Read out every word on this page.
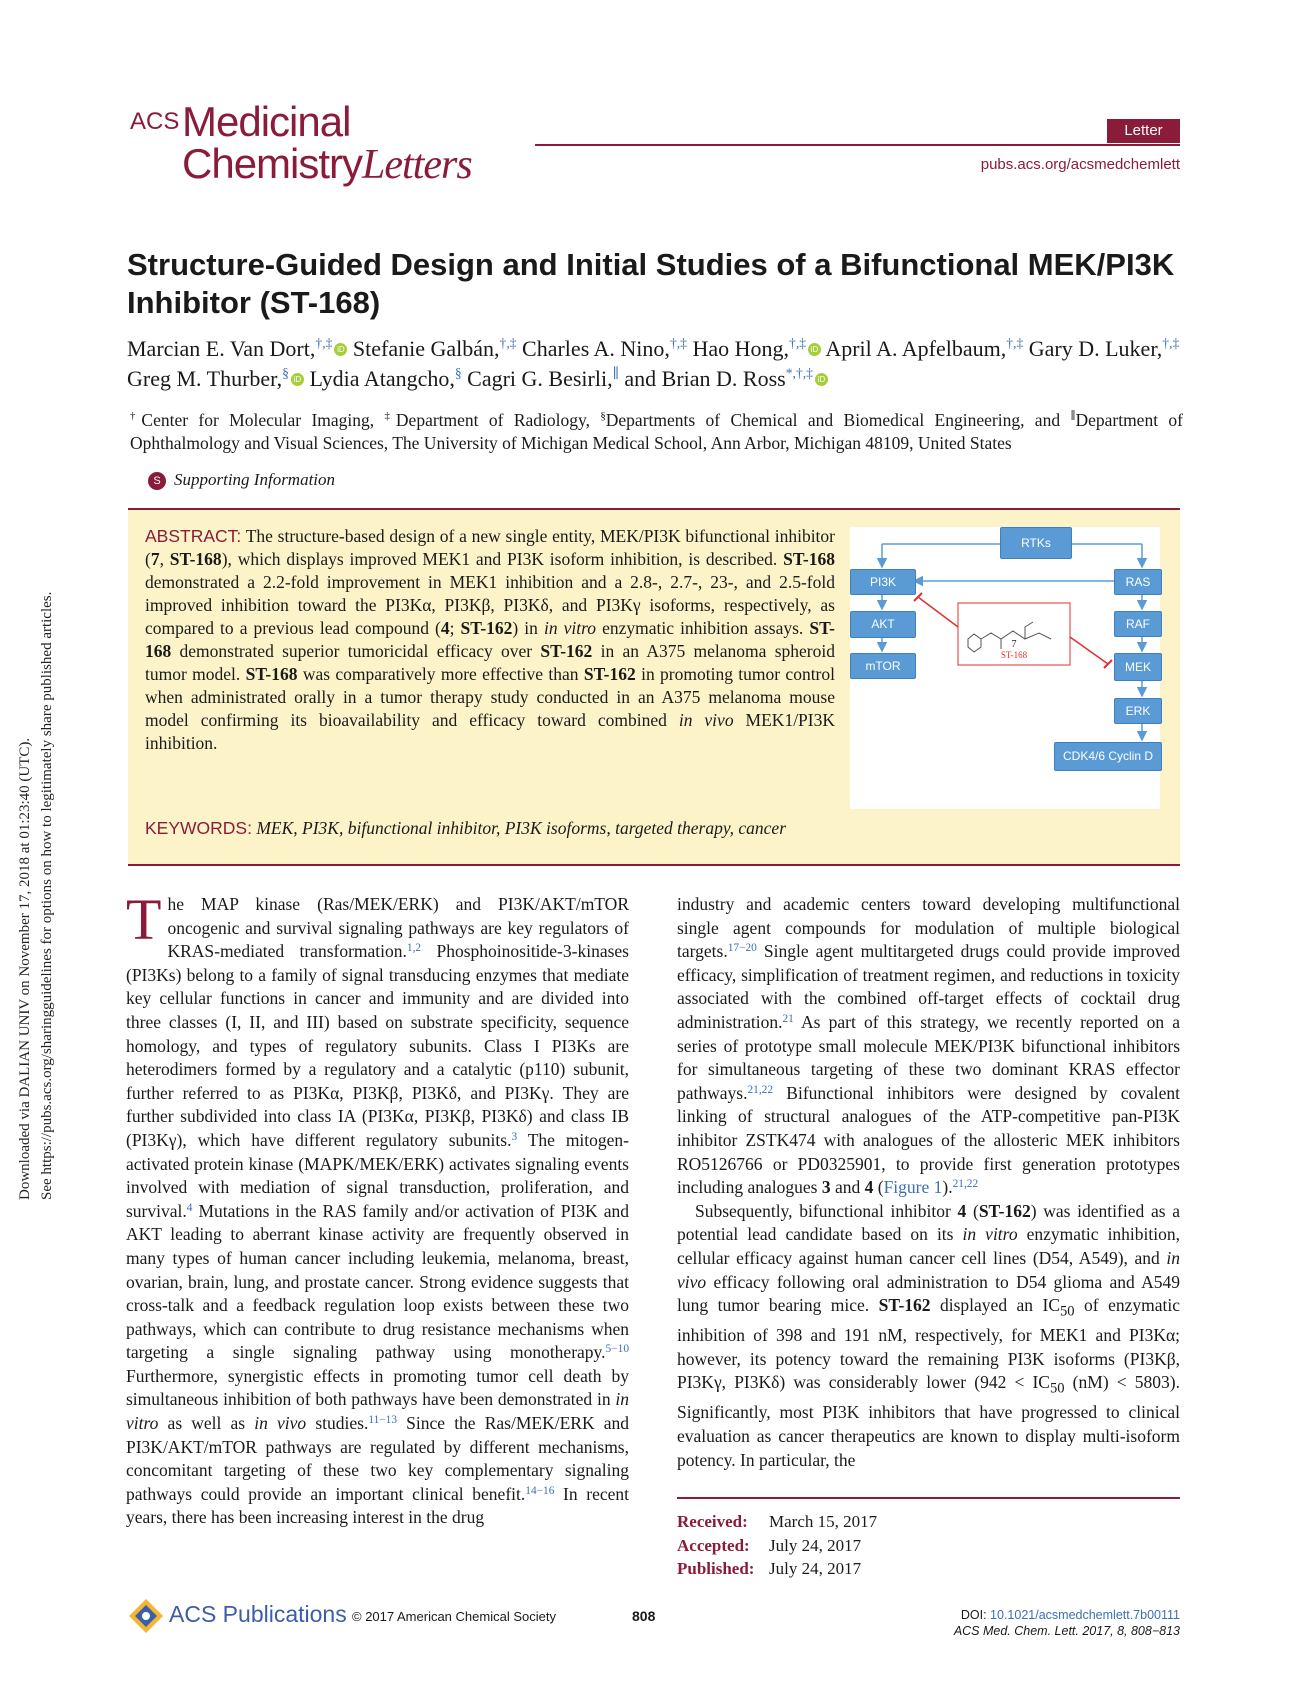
Downloaded via DALIAN UNIV on November 17, 2018 at 01:23:40 (UTC). See https://pubs.acs.org/sharingguidelines for options on how to legitimately share published articles.
ACS Medicinal
ChemistryLetters
Letter
pubs.acs.org/acsmedchemlett
Structure-Guided Design and Initial Studies of a Bifunctional MEK/PI3K Inhibitor (ST-168)
Marcian E. Van Dort,†,‡ iD Stefanie Galbán,†,‡ Charles A. Nino,†,‡ Hao Hong,†,‡ iD April A. Apfelbaum,†,‡ Gary D. Luker,†,‡ Greg M. Thurber,§ iD Lydia Atangcho,§ Cagri G. Besirli,∥ and Brian D. Ross*,†,‡ iD
†Center for Molecular Imaging, ‡Department of Radiology, §Departments of Chemical and Biomedical Engineering, and ∥Department of Ophthalmology and Visual Sciences, The University of Michigan Medical School, Ann Arbor, Michigan 48109, United States
S Supporting Information
ABSTRACT: The structure-based design of a new single entity, MEK/PI3K bifunctional inhibitor (7, ST-168), which displays improved MEK1 and PI3K isoform inhibition, is described. ST-168 demonstrated a 2.2-fold improvement in MEK1 inhibition and a 2.8-, 2.7-, 23-, and 2.5-fold improved inhibition toward the PI3Kα, PI3Kβ, PI3Kδ, and PI3Kγ isoforms, respectively, as compared to a previous lead compound (4; ST-162) in in vitro enzymatic inhibition assays. ST-168 demonstrated superior tumoricidal efficacy over ST-162 in an A375 melanoma spheroid tumor model. ST-168 was comparatively more effective than ST-162 in promoting tumor control when administrated orally in a tumor therapy study conducted in an A375 melanoma mouse model confirming its bioavailability and efficacy toward combined in vivo MEK1/PI3K inhibition.
KEYWORDS: MEK, PI3K, bifunctional inhibitor, PI3K isoforms, targeted therapy, cancer
7
ST-168
RTKs
PI3K
AKT
mTOR
RAS
RAF
MEK
ERK
CDK4/6 Cyclin D

The MAP kinase (Ras/MEK/ERK) and PI3K/AKT/mTOR oncogenic and survival signaling pathways are key regulators of KRAS-mediated transformation.$^{1,2}$ Phosphoinositide-3-kinases (PI3Ks) belong to a family of signal transducing enzymes that mediate key cellular functions in cancer and immunity and are divided into three classes (I, II, and III) based on substrate specificity, sequence homology, and types of regulatory subunits. Class I PI3Ks are heterodimers formed by a regulatory and a catalytic (p110) subunit, further referred to as PI3Kα, PI3Kβ, PI3Kδ, and PI3Kγ. They are further subdivided into class IA (PI3Kα, PI3Kβ, PI3Kδ) and class IB (PI3Kγ), which have different regulatory subunits.$^3$ The mitogen-activated protein kinase (MAPK/MEK/ERK) activates signaling events involved with mediation of signal transduction, proliferation, and survival.$^4$ Mutations in the RAS family and/or activation of PI3K and AKT leading to aberrant kinase activity are frequently observed in many types of human cancer including leukemia, melanoma, breast, ovarian, brain, lung, and prostate cancer. Strong evidence suggests that cross-talk and a feedback regulation loop exists between these two pathways, which can contribute to drug resistance mechanisms when targeting a single signaling pathway using monotherapy.$^{5-10}$ Furthermore, synergistic effects in promoting tumor cell death by simultaneous inhibition of both pathways have been demonstrated in in vitro as well as in vivo studies.$^{11-13}$ Since the Ras/MEK/ERK and PI3K/AKT/mTOR pathways are regulated by different mechanisms, concomitant targeting of these two key complementary signaling pathways could provide an important clinical benefit.$^{14-16}$ In recent years, there has been increasing interest in the drug

industry and academic centers toward developing multifunctional single agent compounds for modulation of multiple biological targets.$^{17-20}$ Single agent multitargeted drugs could provide improved efficacy, simplification of treatment regimen, and reductions in toxicity associated with the combined off-target effects of cocktail drug administration.$^{21}$ As part of this strategy, we recently reported on a series of prototype small molecule MEK/PI3K bifunctional inhibitors for simultaneous targeting of these two dominant KRAS effector pathways.$^{21,22}$ Bifunctional inhibitors were designed by covalent linking of structural analogues of the ATP-competitive pan-PI3K inhibitor ZSTK474 with analogues of the allosteric MEK inhibitors RO5126766 or PD0325901, to provide first generation prototypes including analogues 3 and 4 (Figure 1).$^{21,22}$

Subsequently, bifunctional inhibitor 4 (ST-162) was identified as a potential lead candidate based on its in vitro enzymatic inhibition, cellular efficacy against human cancer cell lines (D54, A549), and in vivo efficacy following oral administration to D54 glioma and A549 lung tumor bearing mice. ST-162 displayed an $IC_{50}$ of enzymatic inhibition of 398 and 191 nM, respectively, for MEK1 and PI3Kα; however, its potency toward the remaining PI3K isoforms (PI3Kβ, PI3Kγ, PI3Kδ) was considerably lower ($942 < IC_{50}$ (nM) < 5803). Significantly, most PI3K inhibitors that have progressed to clinical evaluation as cancer therapeutics are known to display multi-isoform potency. In particular, the

Received: March 15, 2017
Accepted: July 24, 2017
Published: July 24, 2017
ACS Publications © 2017 American Chemical Society	808	DOI: 10.1021/acsmedchemlett.7b00111
ACS Med. Chem. Lett. 2017, 8, 808−813
